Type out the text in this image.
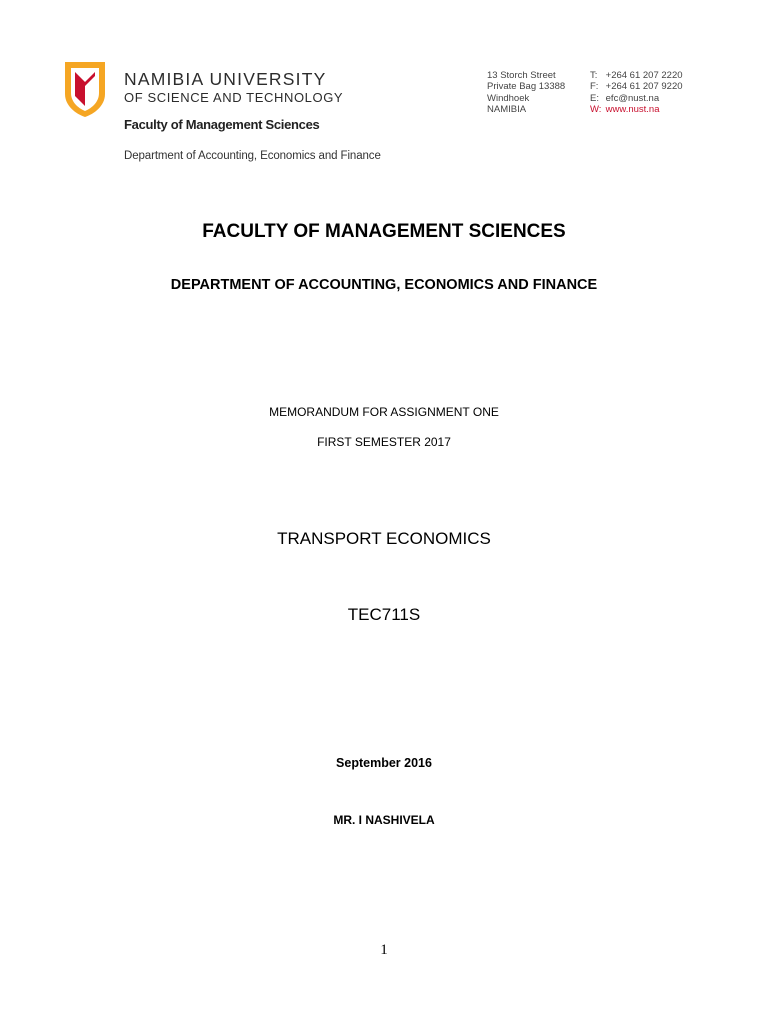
NAMIBIA UNIVERSITY
OF SCIENCE AND TECHNOLOGY
Faculty of Management Sciences
Department of Accounting, Economics and Finance
13 Storch Street
Private Bag 13388
Windhoek
NAMIBIA
T: +264 61 207 2220
F: +264 61 207 9220
E: efc@nust.na
W: www.nust.na
FACULTY OF MANAGEMENT SCIENCES
DEPARTMENT OF ACCOUNTING, ECONOMICS AND FINANCE
MEMORANDUM FOR ASSIGNMENT ONE
FIRST SEMESTER 2017
TRANSPORT ECONOMICS
TEC711S
September 2016
MR. I NASHIVELA
1
